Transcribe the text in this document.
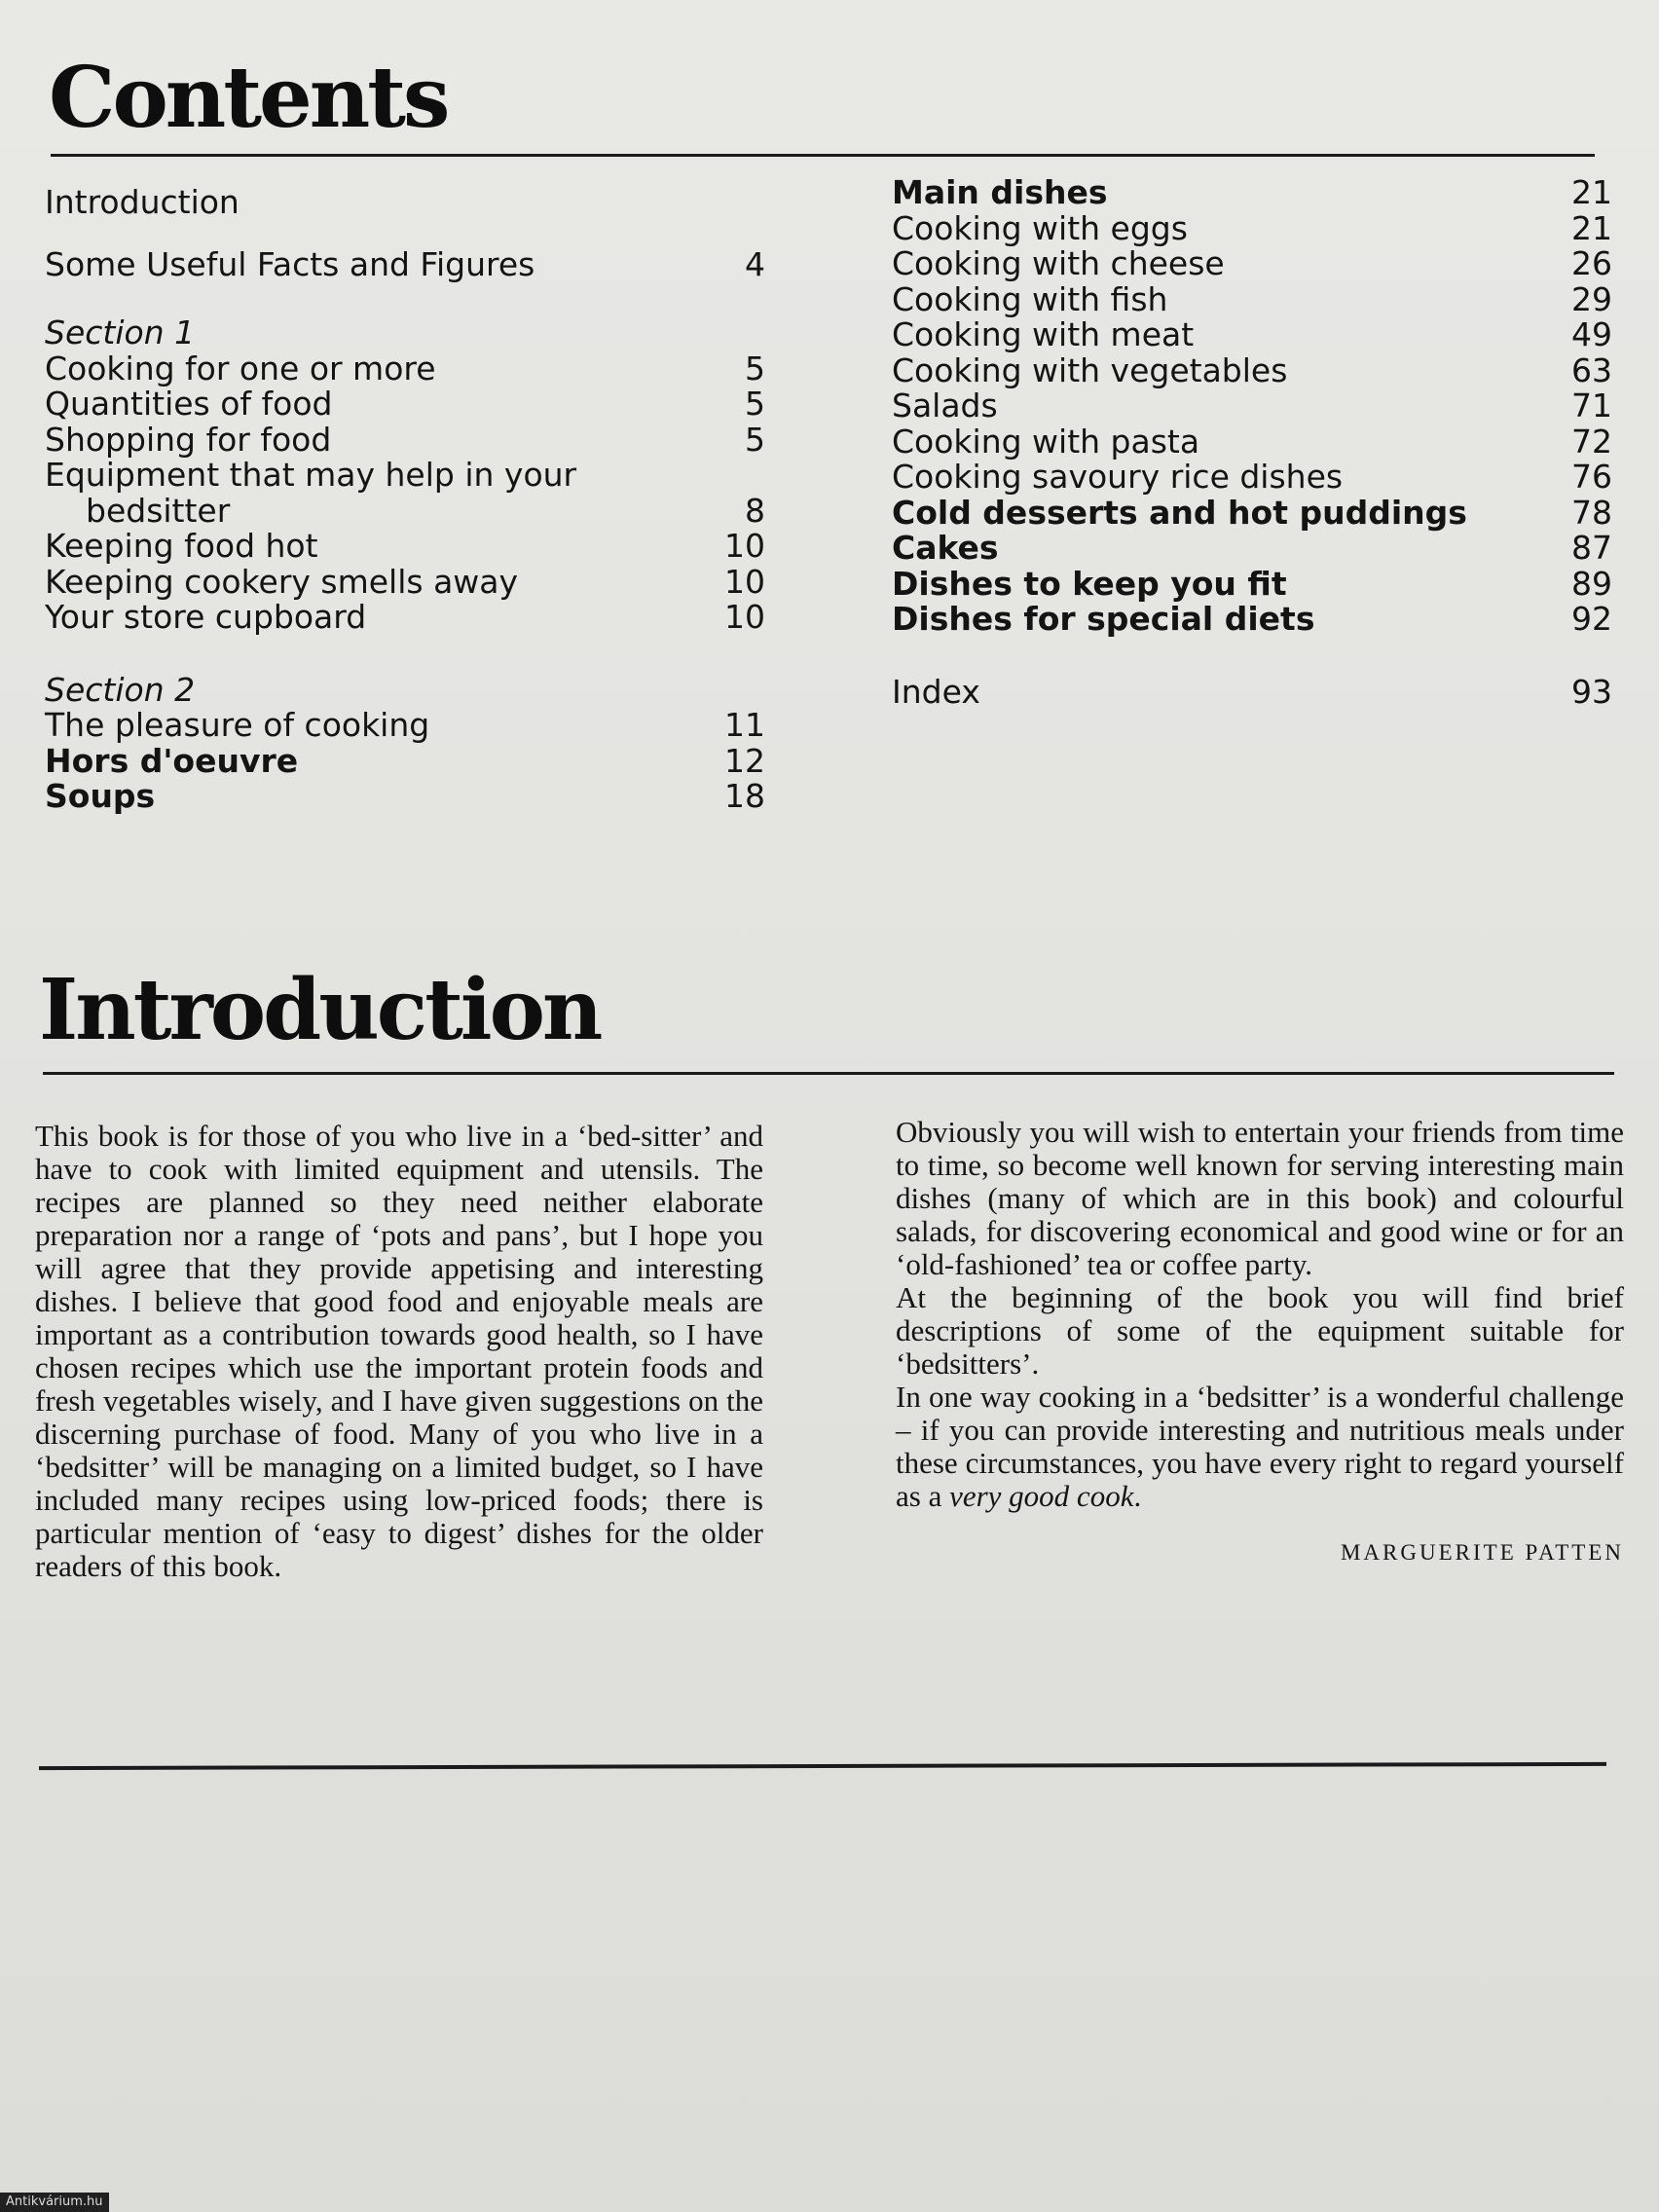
Contents
Introduction
Some Useful Facts and Figures	4
Section 1
Cooking for one or more	5
Quantities of food	5
Shopping for food	5
Equipment that may help in your
bedsitter	8
Keeping food hot	10
Keeping cookery smells away	10
Your store cupboard	10
Section 2
The pleasure of cooking	11
Hors d'oeuvre	12
Soups	18
Main dishes	21
Cooking with eggs	21
Cooking with cheese	26
Cooking with fish	29
Cooking with meat	49
Cooking with vegetables	63
Salads	71
Cooking with pasta	72
Cooking savoury rice dishes	76
Cold desserts and hot puddings	78
Cakes	87
Dishes to keep you fit	89
Dishes for special diets	92
Index	93
Introduction

This book is for those of you who live in a ‘bed-sitter’ and have to cook with limited equipment and utensils. The recipes are planned so they need neither elaborate preparation nor a range of ‘pots and pans’, but I hope you will agree that they provide appetising and interesting dishes. I believe that good food and enjoyable meals are important as a contribution towards good health, so I have chosen recipes which use the important protein foods and fresh vegetables wisely, and I have given suggestions on the discerning purchase of food. Many of you who live in a ‘bedsitter’ will be managing on a limited budget, so I have included many recipes using low-priced foods; there is particular mention of ‘easy to digest’ dishes for the older readers of this book.

Obviously you will wish to entertain your friends from time to time, so become well known for serving interesting main dishes (many of which are in this book) and colourful salads, for discovering economical and good wine or for an ‘old-fashioned’ tea or coffee party.

At the beginning of the book you will find brief descriptions of some of the equipment suitable for ‘bedsitters’.

In one way cooking in a ‘bedsitter’ is a wonderful challenge – if you can provide interesting and nutritious meals under these circumstances, you have every right to regard yourself as a very good cook.

MARGUERITE PATTEN

Antikvárium.hu
